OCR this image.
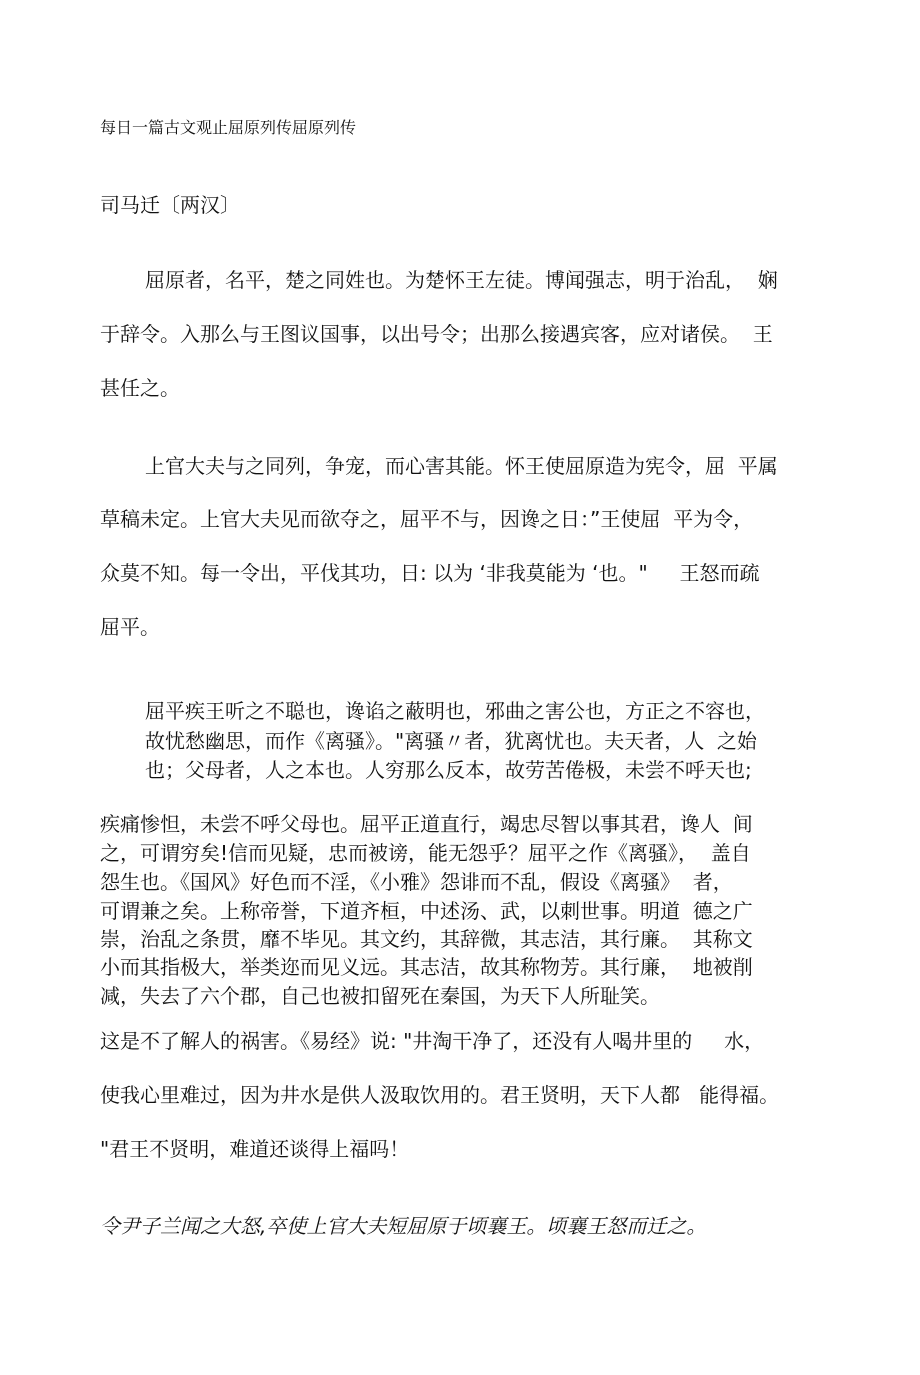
每日一篇古文观止屈原列传屈原列传
司马迁〔两汉〕
屈原者，名平，楚之同姓也。为楚怀王左徒。博闻强志，明于治乱，  娴
于辞令。入那么与王图议国事，以出号令；出那么接遇宾客，应对诸侯。  王
甚任之。
上官大夫与之同列，争宠，而心害其能。怀王使屈原造为宪令，屈  平属
草稿未定。上官大夫见而欲夺之，屈平不与，因谗之日：”王使屈  平为令，
众莫不知。每一令出，平伐其功，日: 以为 ‘非我莫能为 ‘也。"     王怒而疏
屈平。
屈平疾王听之不聪也，谗谄之蔽明也，邪曲之害公也，方正之不容也，
故忧愁幽思，而作《离骚》。"离骚〃者，犹离忧也。夫天者，人  之始
也；父母者，人之本也。人穷那么反本，故劳苦倦极，未尝不呼天也;
疾痛惨怛，未尝不呼父母也。屈平正道直行，竭忠尽智以事其君，谗人  间
之，可谓穷矣!信而见疑，忠而被谤，能无怨乎？屈平之作《离骚》，  盖自
怨生也。《国风》好色而不淫，《小雅》怨诽而不乱，假设《离骚》  者，
可谓兼之矣。上称帝誉，下道齐桓，中述汤、武，以刺世事。明道  德之广
崇，治乱之条贯，靡不毕见。其文约，其辞微，其志洁，其行廉。  其称文
小而其指极大，举类迩而见义远。其志洁，故其称物芳。其行廉，  地被削
减，失去了六个郡，自己也被扣留死在秦国，为天下人所耻笑。
这是不了解人的祸害。《易经》说: "井淘干净了，还没有人喝井里的     水，
使我心里难过，因为井水是供人汲取饮用的。君王贤明，天下人都   能得福。
"君王不贤明，难道还谈得上福吗！
令尹子兰闻之大怒,卒使上官大夫短屈原于顷襄王。顷襄王怒而迁之。
